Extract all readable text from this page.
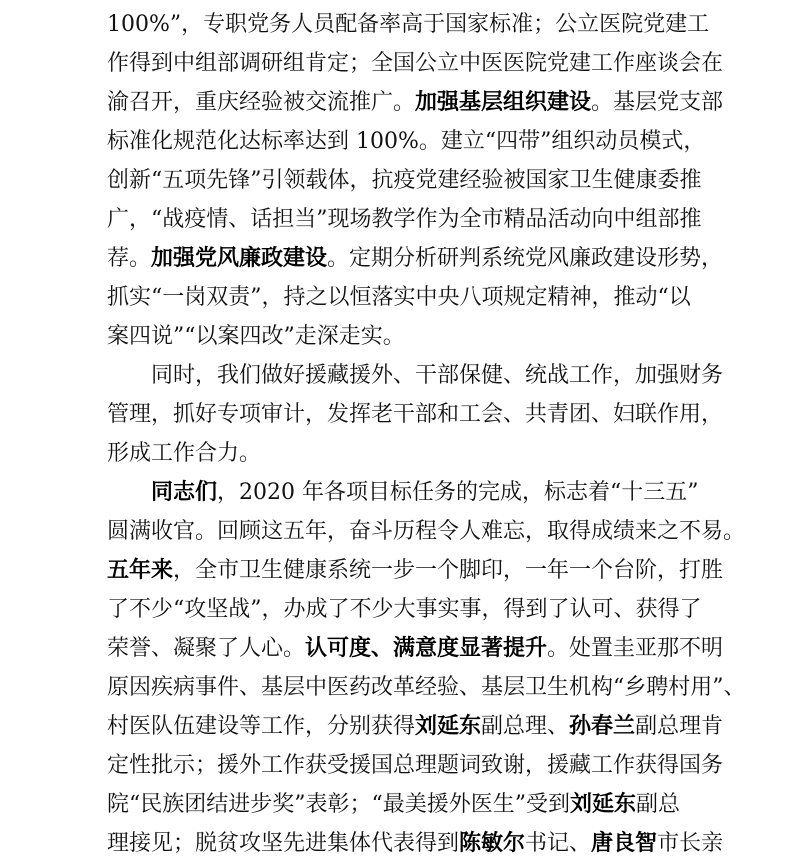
100%”，专职党务人员配备率高于国家标准；公立医院党建工
作得到中组部调研组肯定；全国公立中医医院党建工作座谈会在
渝召开，重庆经验被交流推广。加强基层组织建设。基层党支部
标准化规范化达标率达到 100%。建立“四带”组织动员模式，
创新“五项先锋”引领载体，抗疫党建经验被国家卫生健康委推
广，“战疫情、话担当”现场教学作为全市精品活动向中组部推
荐。加强党风廉政建设。定期分析研判系统党风廉政建设形势，
抓实“一岗双责”，持之以恒落实中央八项规定精神，推动“以
案四说”“以案四改”走深走实。
同时，我们做好援藏援外、干部保健、统战工作，加强财务
管理，抓好专项审计，发挥老干部和工会、共青团、妇联作用，
形成工作合力。
同志们，2020 年各项目标任务的完成，标志着“十三五”
圆满收官。回顾这五年，奋斗历程令人难忘，取得成绩来之不易。
五年来，全市卫生健康系统一步一个脚印，一年一个台阶，打胜
了不少“攻坚战”，办成了不少大事实事，得到了认可、获得了
荣誉、凝聚了人心。认可度、满意度显著提升。处置圭亚那不明
原因疾病事件、基层中医药改革经验、基层卫生机构“乡聘村用”、
村医队伍建设等工作，分别获得刘延东副总理、孙春兰副总理肯
定性批示；援外工作获受援国总理题词致谢，援藏工作获得国务
院“民族团结进步奖”表彰；“最美援外医生”受到刘延东副总
理接见；脱贫攻坚先进集体代表得到陈敏尔书记、唐良智市长亲
